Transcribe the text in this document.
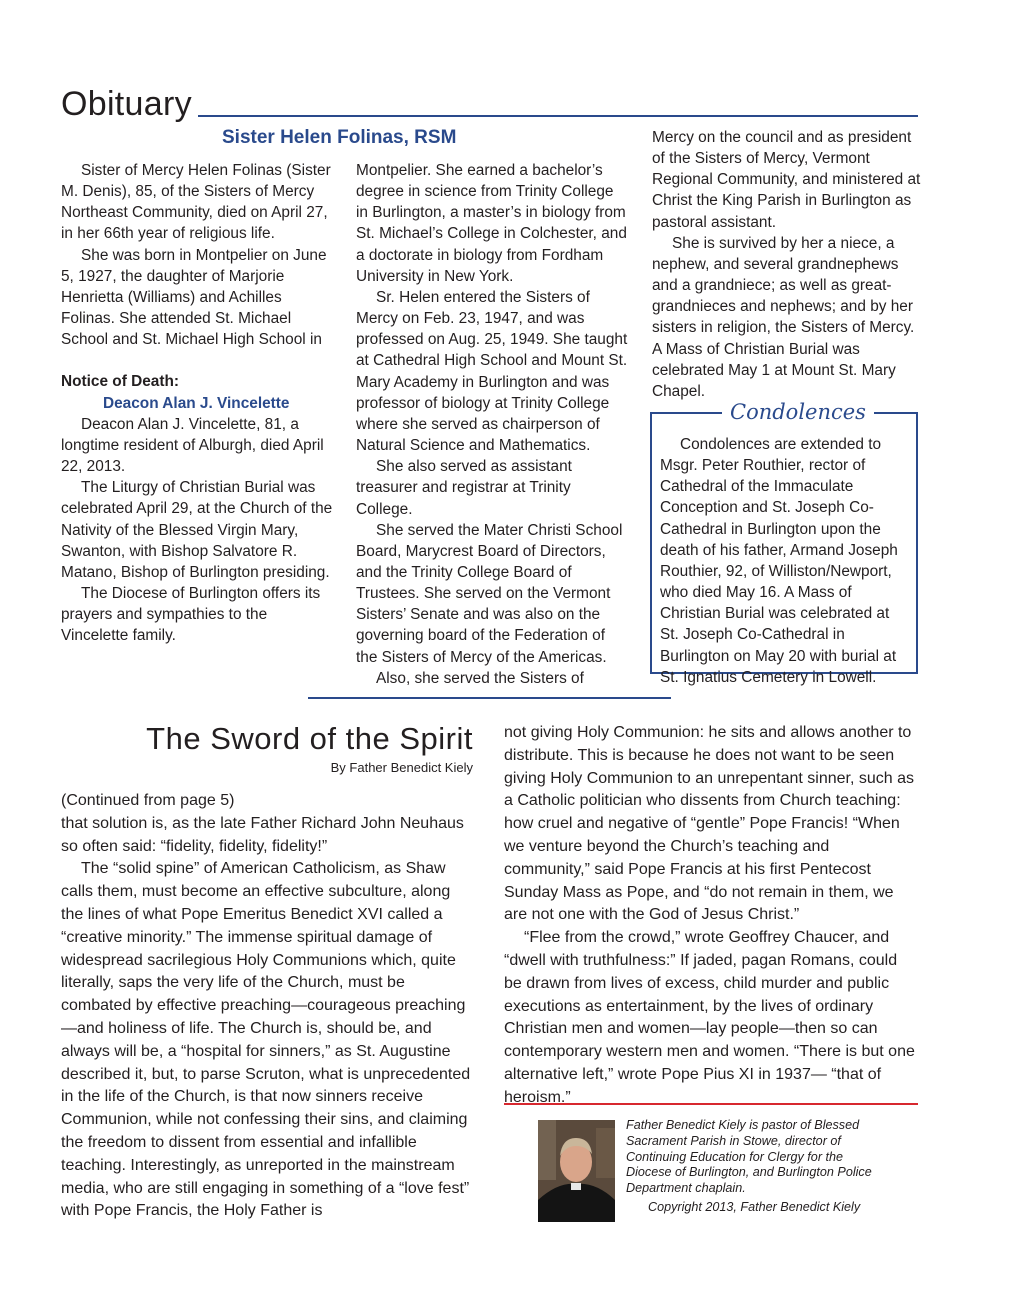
Obituary
Sister Helen Folinas, RSM

Sister of Mercy Helen Folinas (Sister M. Denis), 85, of the Sisters of Mercy Northeast Community, died on April 27, in her 66th year of religious life.

She was born in Montpelier on June 5, 1927, the daughter of Marjorie Henrietta (Williams) and Achilles Folinas. She attended St. Michael School and St. Michael High School in

Notice of Death:

Deacon Alan J. Vincelette

Deacon Alan J. Vincelette, 81, a longtime resident of Alburgh, died April 22, 2013.

The Liturgy of Christian Burial was celebrated April 29, at the Church of the Nativity of the Blessed Virgin Mary, Swanton, with Bishop Salvatore R. Matano, Bishop of Burlington presiding.

The Diocese of Burlington offers its prayers and sympathies to the Vincelette family.

Montpelier. She earned a bachelor’s degree in science from Trinity College in Burlington, a master’s in biology from St. Michael’s College in Colchester, and a doctorate in biology from Fordham University in New York.

Sr. Helen entered the Sisters of Mercy on Feb. 23, 1947, and was professed on Aug. 25, 1949. She taught at Cathedral High School and Mount St. Mary Academy in Burlington and was professor of biology at Trinity College where she served as chairperson of Natural Science and Mathematics.

She also served as assistant treasurer and registrar at Trinity College.

She served the Mater Christi School Board, Marycrest Board of Directors, and the Trinity College Board of Trustees. She served on the Vermont Sisters’ Senate and was also on the governing board of the Federation of the Sisters of Mercy of the Americas.

Also, she served the Sisters of

Mercy on the council and as president of the Sisters of Mercy, Vermont Regional Community, and ministered at Christ the King Parish in Burlington as pastoral assistant.

She is survived by her a niece, a nephew, and several grandnephews and a grandniece; as well as great-grandnieces and nephews; and by her sisters in religion, the Sisters of Mercy.

A Mass of Christian Burial was celebrated May 1 at Mount St. Mary Chapel.

Condolences

Condolences are extended to Msgr. Peter Routhier, rector of Cathedral of the Immaculate Conception and St. Joseph Co-Cathedral in Burlington upon the death of his father, Armand Joseph Routhier, 92, of Williston/Newport, who died May 16. A Mass of Christian Burial was celebrated at St. Joseph Co-Cathedral in Burlington on May 20 with burial at St. Ignatius Cemetery in Lowell.

The Sword of the Spirit
By Father Benedict Kiely

(Continued from page 5)

that solution is, as the late Father Richard John Neuhaus so often said: “fidelity, fidelity, fidelity!”

The “solid spine” of American Catholicism, as Shaw calls them, must become an effective subculture, along the lines of what Pope Emeritus Benedict XVI called a “creative minority.” The immense spiritual damage of widespread sacrilegious Holy Communions which, quite literally, saps the very life of the Church, must be combated by effective preaching—courageous preaching—and holiness of life. The Church is, should be, and always will be, a “hospital for sinners,” as St. Augustine described it, but, to parse Scruton, what is unprecedented in the life of the Church, is that now sinners receive Communion, while not confessing their sins, and claiming the freedom to dissent from essential and infallible teaching. Interestingly, as unreported in the mainstream media, who are still engaging in something of a “love fest” with Pope Francis, the Holy Father is

not giving Holy Communion: he sits and allows another to distribute. This is because he does not want to be seen giving Holy Communion to an unrepentant sinner, such as a Catholic politician who dissents from Church teaching: how cruel and negative of “gentle” Pope Francis! “When we venture beyond the Church’s teaching and community,” said Pope Francis at his first Pentecost Sunday Mass as Pope, and “do not remain in them, we are not one with the God of Jesus Christ.”

“Flee from the crowd,” wrote Geoffrey Chaucer, and “dwell with truthfulness:” If jaded, pagan Romans, could be drawn from lives of excess, child murder and public executions as entertainment, by the lives of ordinary Christian men and women—lay people—then so can contemporary western men and women. “There is but one alternative left,” wrote Pope Pius XI in 1937— “that of heroism.”

Father Benedict Kiely is pastor of Blessed Sacrament Parish in Stowe, director of Continuing Education for Clergy for the Diocese of Burlington, and Burlington Police Department chaplain.

Copyright 2013, Father Benedict Kiely
